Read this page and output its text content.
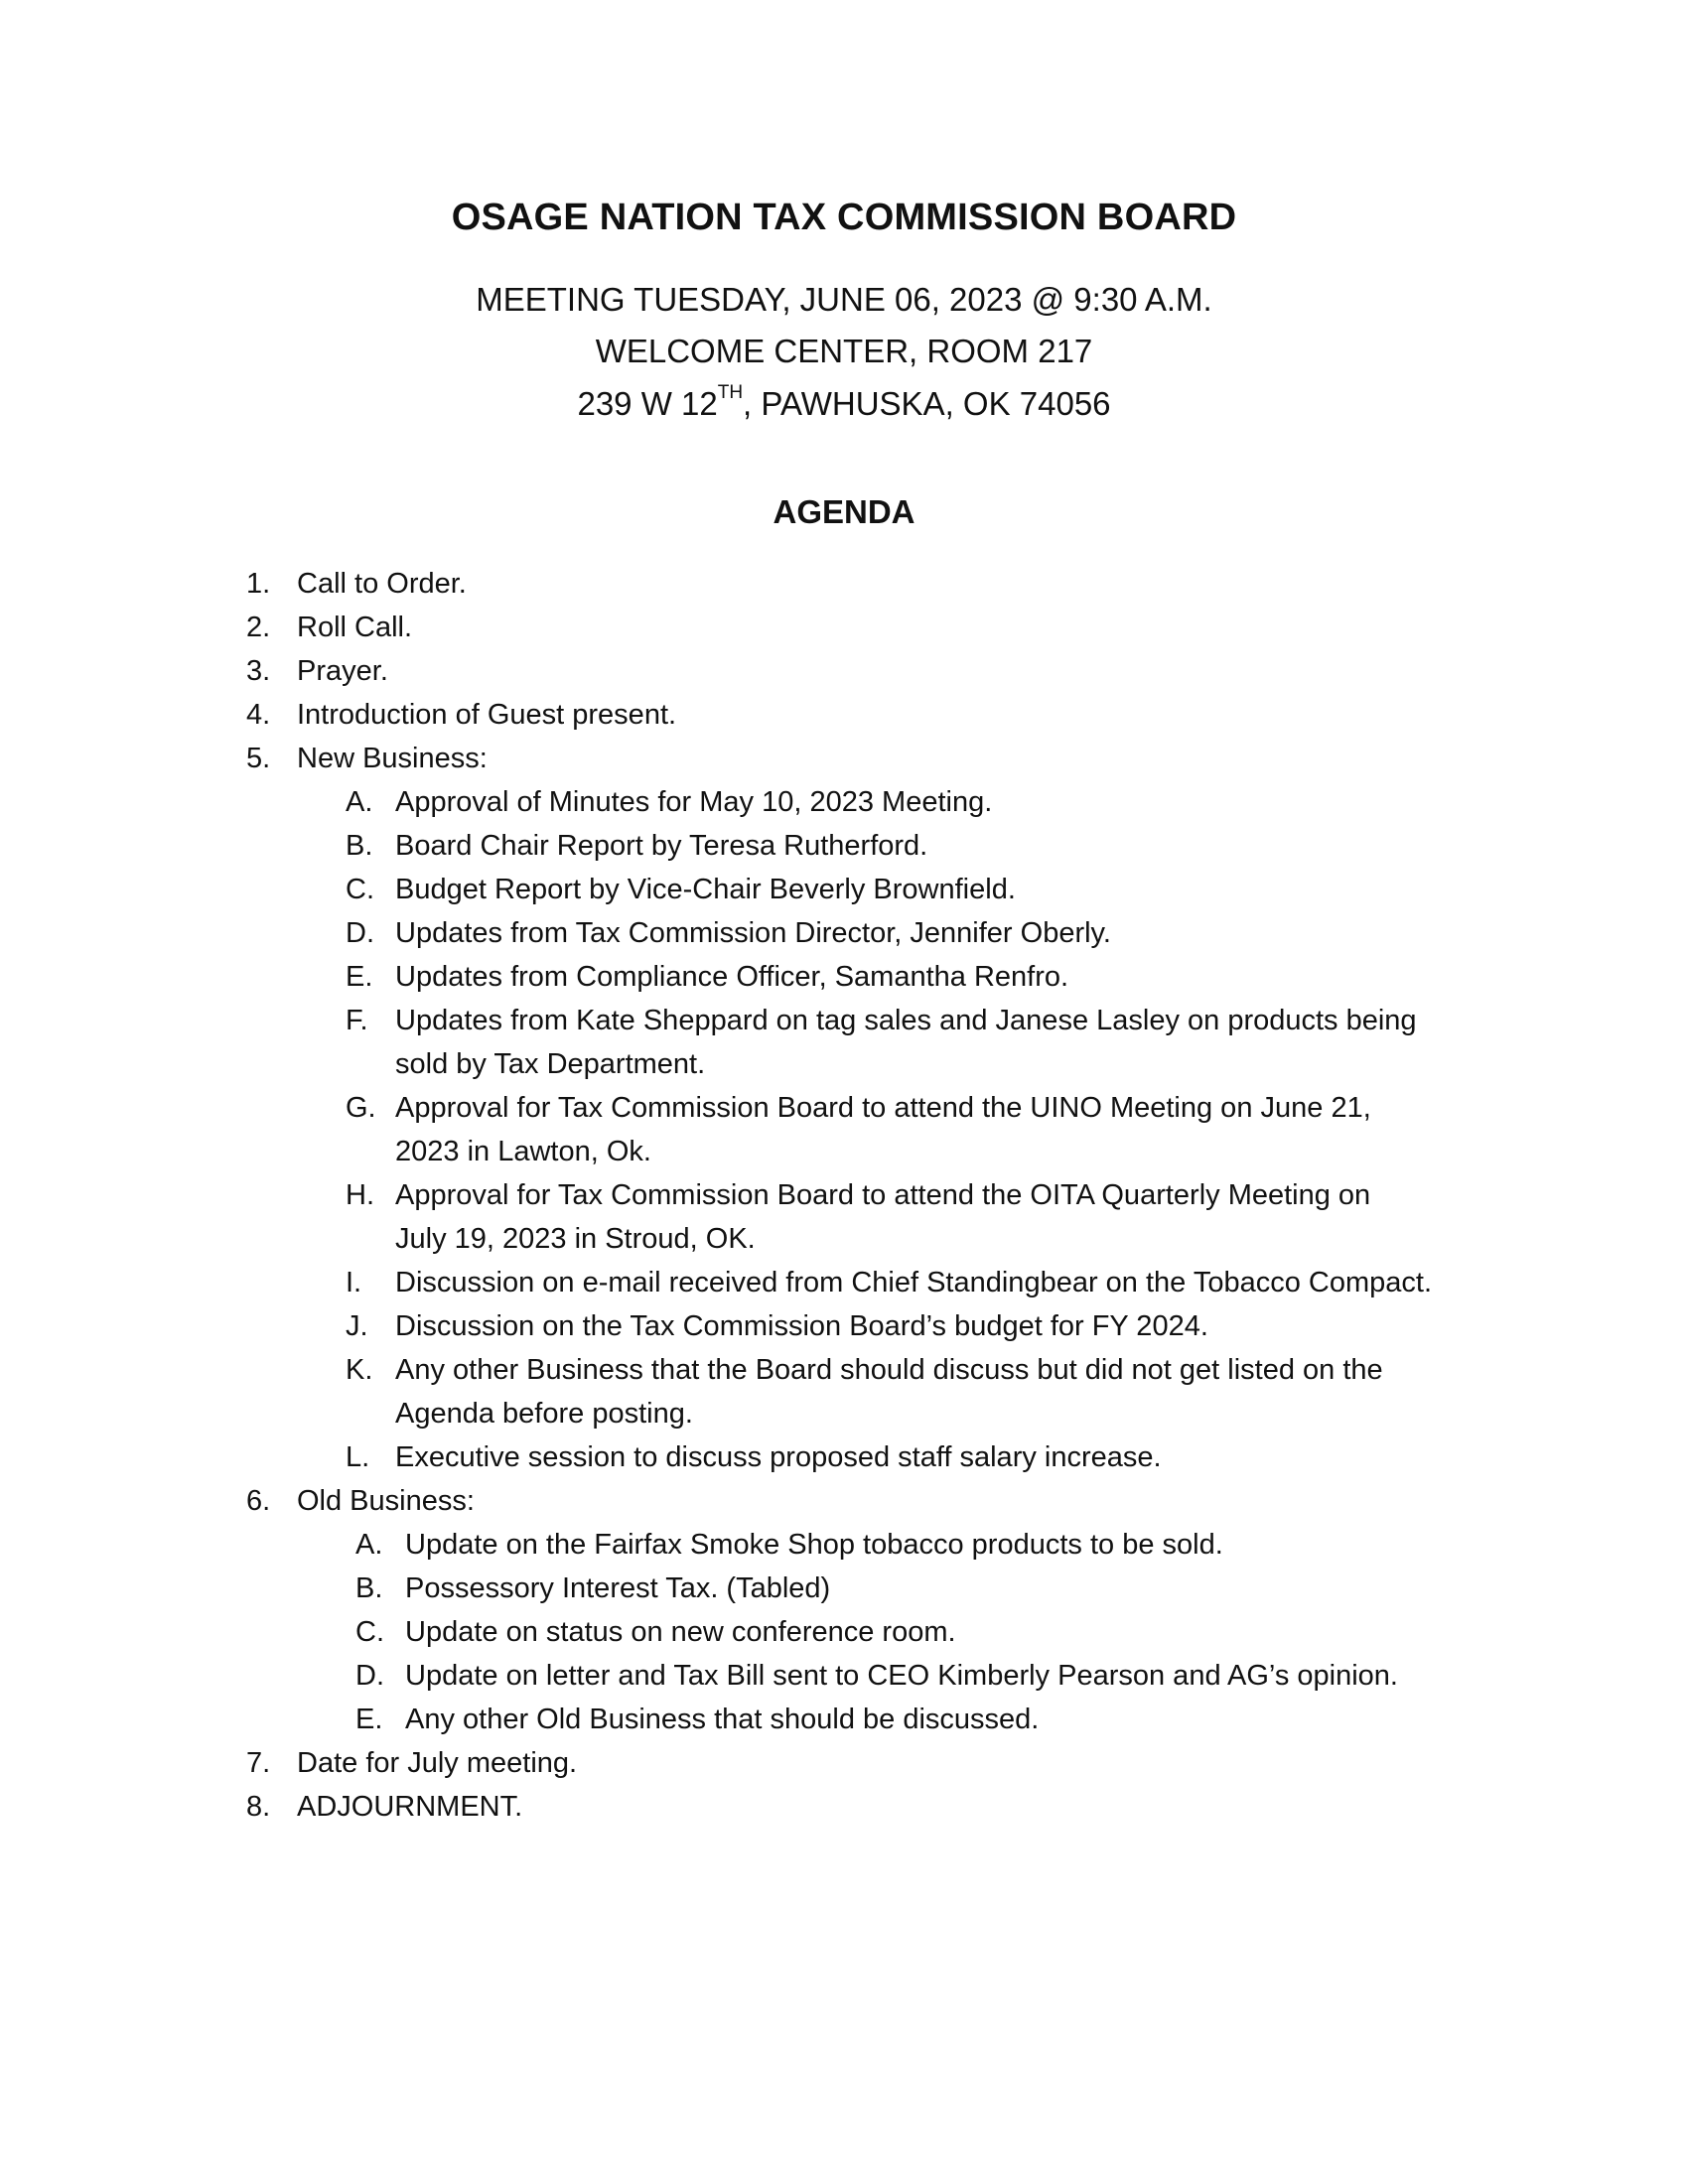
OSAGE NATION TAX COMMISSION BOARD
MEETING TUESDAY, JUNE 06, 2023 @ 9:30 A.M.
WELCOME CENTER, ROOM 217
239 W 12TH, PAWHUSKA, OK 74056
AGENDA
1. Call to Order.
2. Roll Call.
3. Prayer.
4. Introduction of Guest present.
5. New Business:
A. Approval of Minutes for May 10, 2023 Meeting.
B. Board Chair Report by Teresa Rutherford.
C. Budget Report by Vice-Chair Beverly Brownfield.
D. Updates from Tax Commission Director, Jennifer Oberly.
E. Updates from Compliance Officer, Samantha Renfro.
F. Updates from Kate Sheppard on tag sales and Janese Lasley on products being
sold by Tax Department.
G. Approval for Tax Commission Board to attend the UINO Meeting on June 21,
2023 in Lawton, Ok.
H. Approval for Tax Commission Board to attend the OITA Quarterly Meeting on
July 19, 2023 in Stroud, OK.
I. Discussion on e-mail received from Chief Standingbear on the Tobacco Compact.
J. Discussion on the Tax Commission Board’s budget for FY 2024.
K. Any other Business that the Board should discuss but did not get listed on the
Agenda before posting.
L. Executive session to discuss proposed staff salary increase.
6. Old Business:
A. Update on the Fairfax Smoke Shop tobacco products to be sold.
B. Possessory Interest Tax. (Tabled)
C. Update on status on new conference room.
D. Update on letter and Tax Bill sent to CEO Kimberly Pearson and AG’s opinion.
E. Any other Old Business that should be discussed.
7. Date for July meeting.
8. ADJOURNMENT.
